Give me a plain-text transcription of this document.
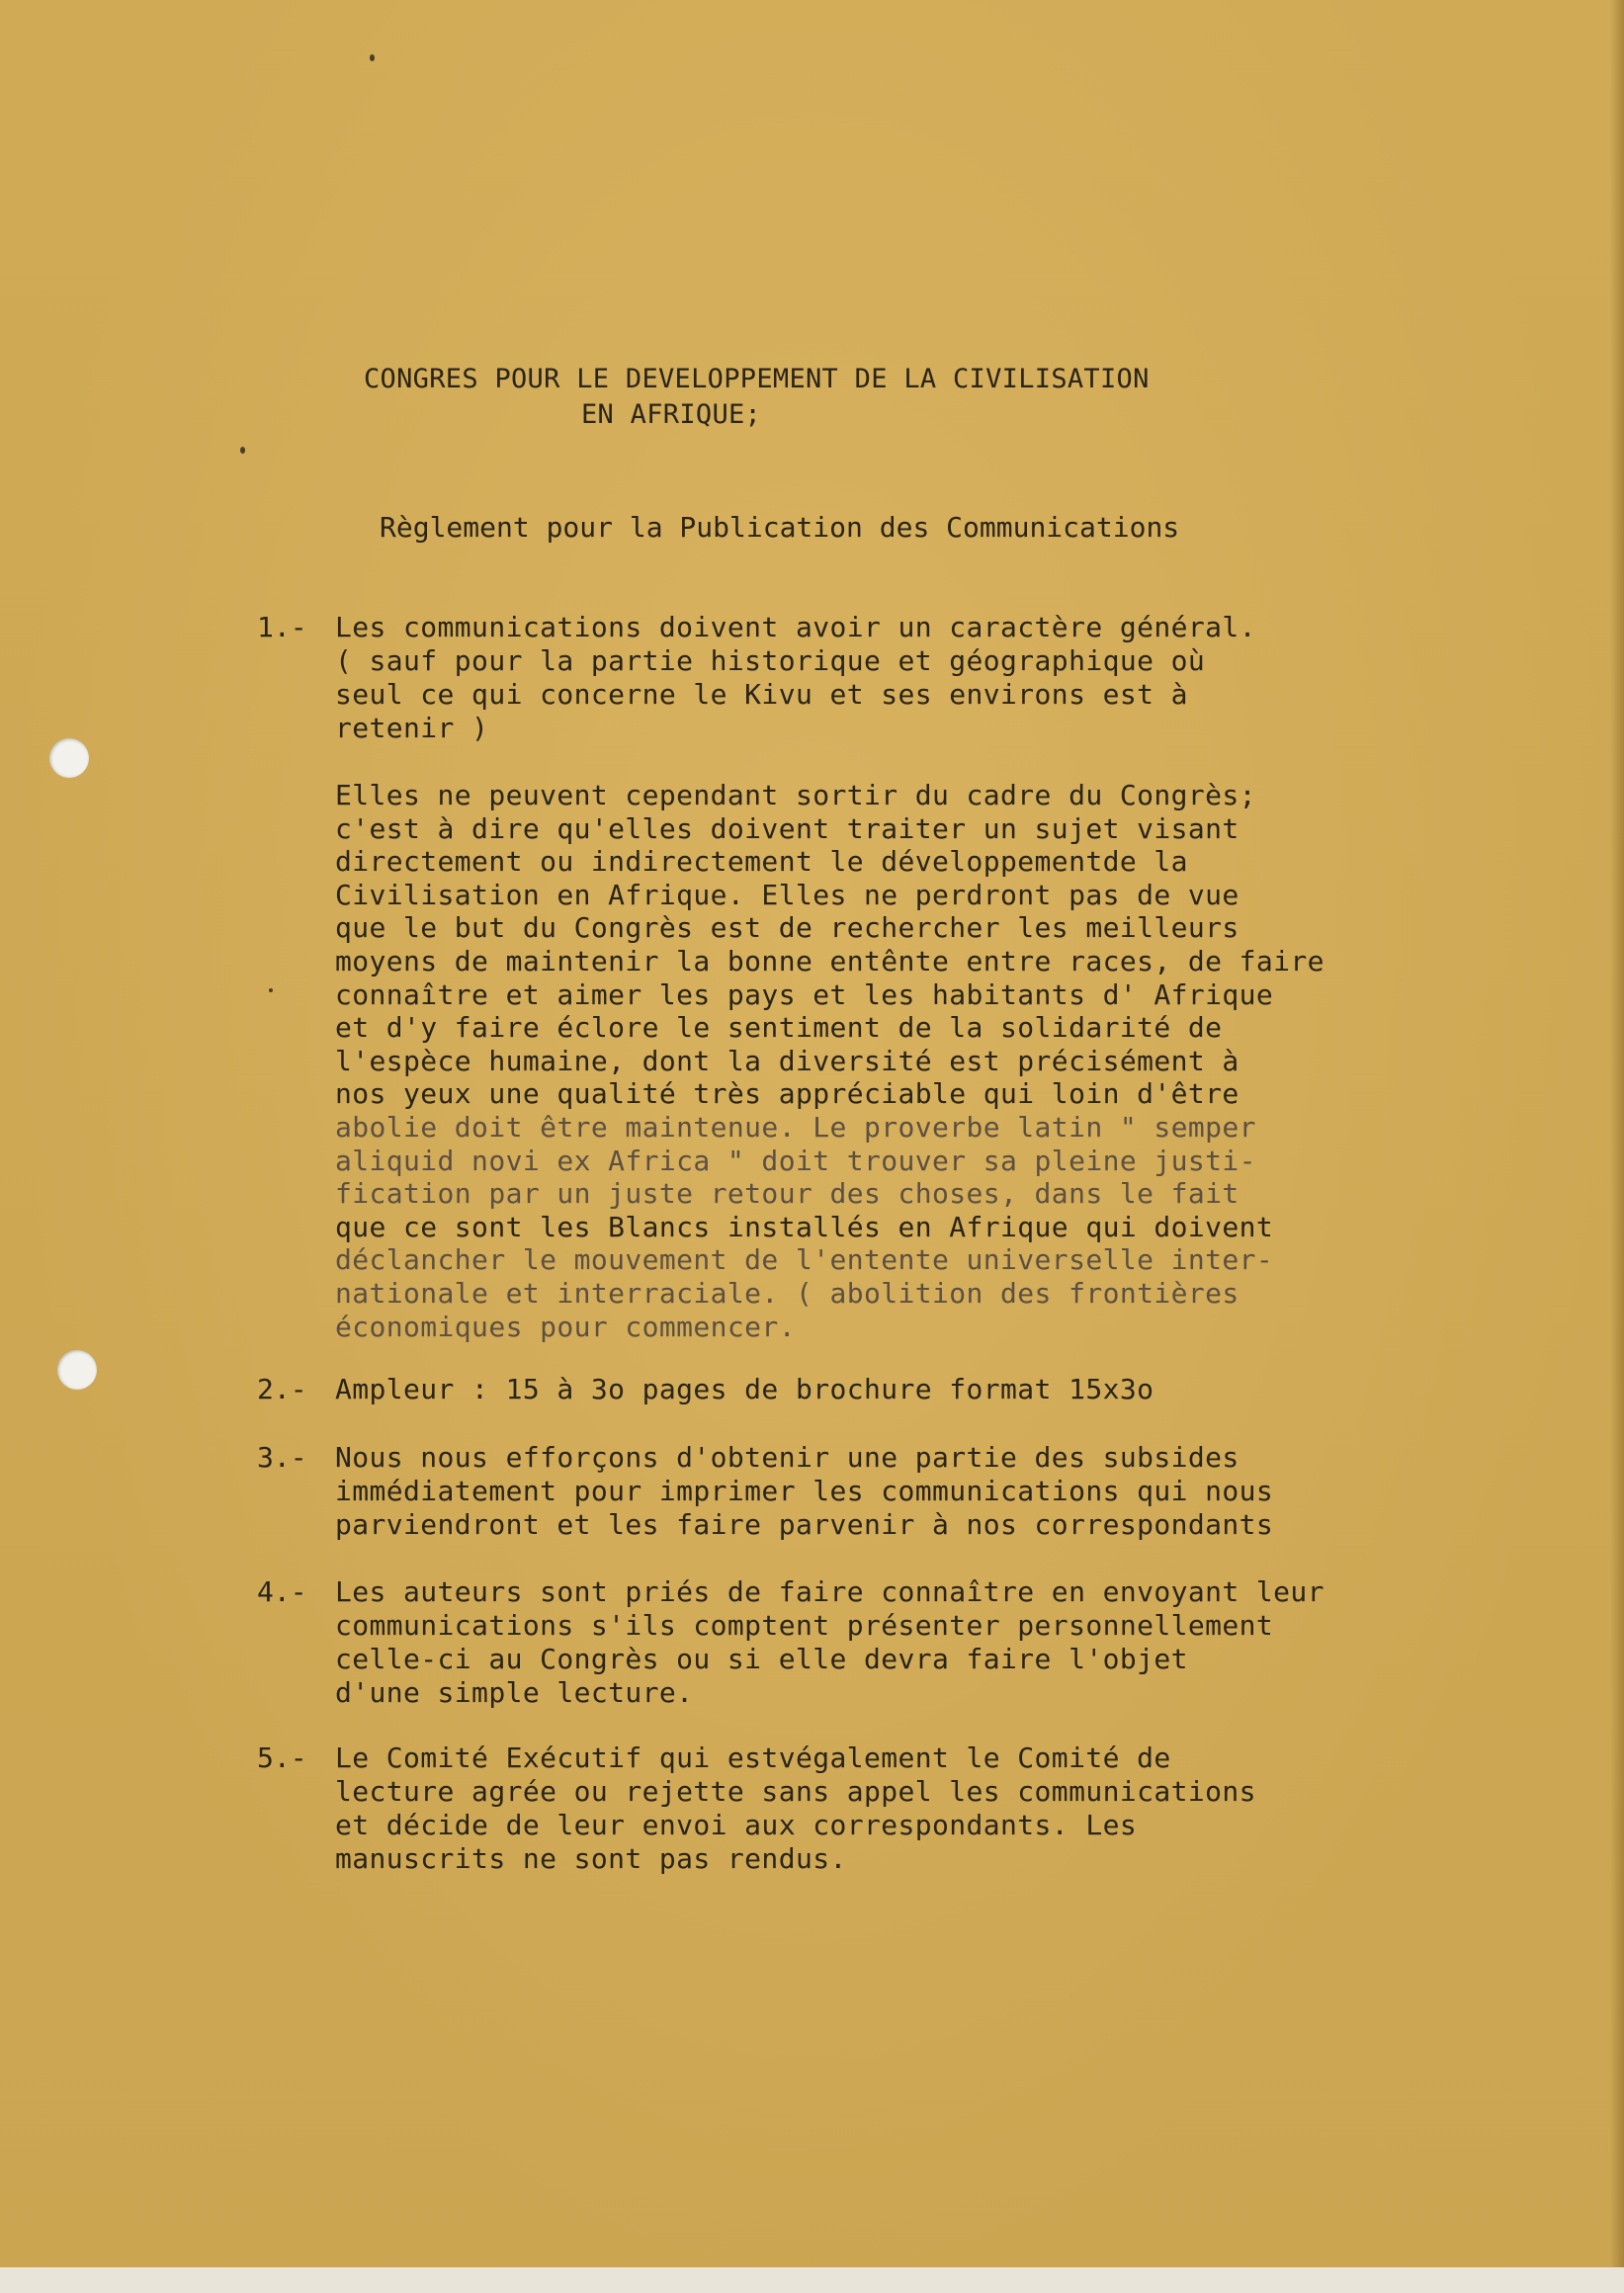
CONGRES POUR LE DEVELOPPEMENT DE LA CIVILISATION
EN AFRIQUE;
Règlement pour la Publication des Communications
1.-	Les communications doivent avoir un caractère général.
( sauf pour la partie historique et géographique où
seul ce qui concerne le Kivu et ses environs est à
retenir )
Elles ne peuvent cependant sortir du cadre du Congrès;
c'est à dire qu'elles doivent traiter un sujet visant
directement ou indirectement le développementde la
Civilisation en Afrique. Elles ne perdront pas de vue
que le but du Congrès est de rechercher les meilleurs
moyens de maintenir la bonne entênte entre races, de faire
connaître et aimer les pays et les habitants d' Afrique
et d'y faire éclore le sentiment de la solidarité de
l'espèce humaine, dont la diversité est précisément à
nos yeux une qualité très appréciable qui loin d'être
abolie doit être maintenue. Le proverbe latin " semper
aliquid novi ex Africa " doit trouver sa pleine justi-
fication par un juste retour des choses, dans le fait
que ce sont les Blancs installés en Afrique qui doivent
déclancher le mouvement de l'entente universelle inter-
nationale et interraciale. ( abolition des frontières
économiques pour commencer.
2.-	Ampleur : 15 à 3o pages de brochure format 15x3o
3.-	Nous nous efforçons d'obtenir une partie des subsides
immédiatement pour imprimer les communications qui nous
parviendront et les faire parvenir à nos correspondants
4.-	Les auteurs sont priés de faire connaître en envoyant leur
communications s'ils comptent présenter personnellement
celle-ci au Congrès ou si elle devra faire l'objet
d'une simple lecture.
5.-	Le Comité Exécutif qui estvégalement le Comité de
lecture agrée ou rejette sans appel les communications
et décide de leur envoi aux correspondants. Les
manuscrits ne sont pas rendus.
